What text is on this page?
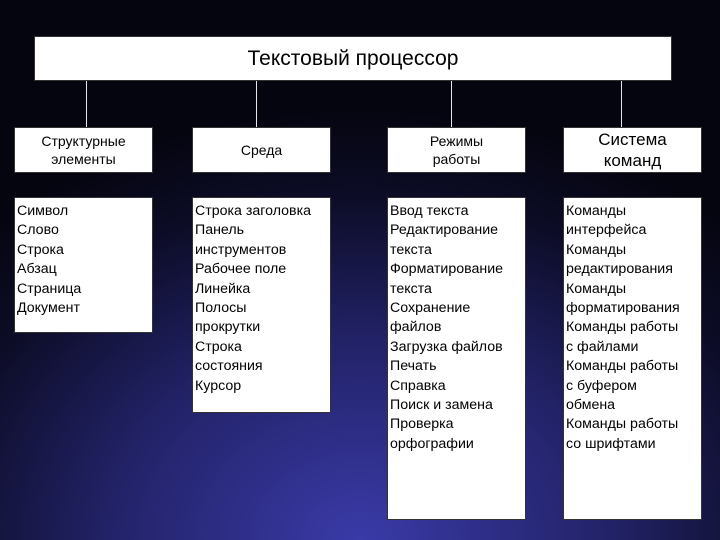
Текстовый процессор
Структурные
элементы
Среда
Режимы
работы
Система
команд
Символ
Слово
Строка
Абзац
Страница
Документ
Строка заголовка
Панель
инструментов
Рабочее поле
Линейка
Полосы
прокрутки
Строка
состояния
Курсор
Ввод текста
Редактирование
текста
Форматирование
текста
Сохранение
файлов
Загрузка файлов
Печать
Справка
Поиск и замена
Проверка
орфографии
Команды
интерфейса
Команды
редактирования
Команды
форматирования
Команды работы
с файлами
Команды работы
с буфером
обмена
Команды работы
со шрифтами
